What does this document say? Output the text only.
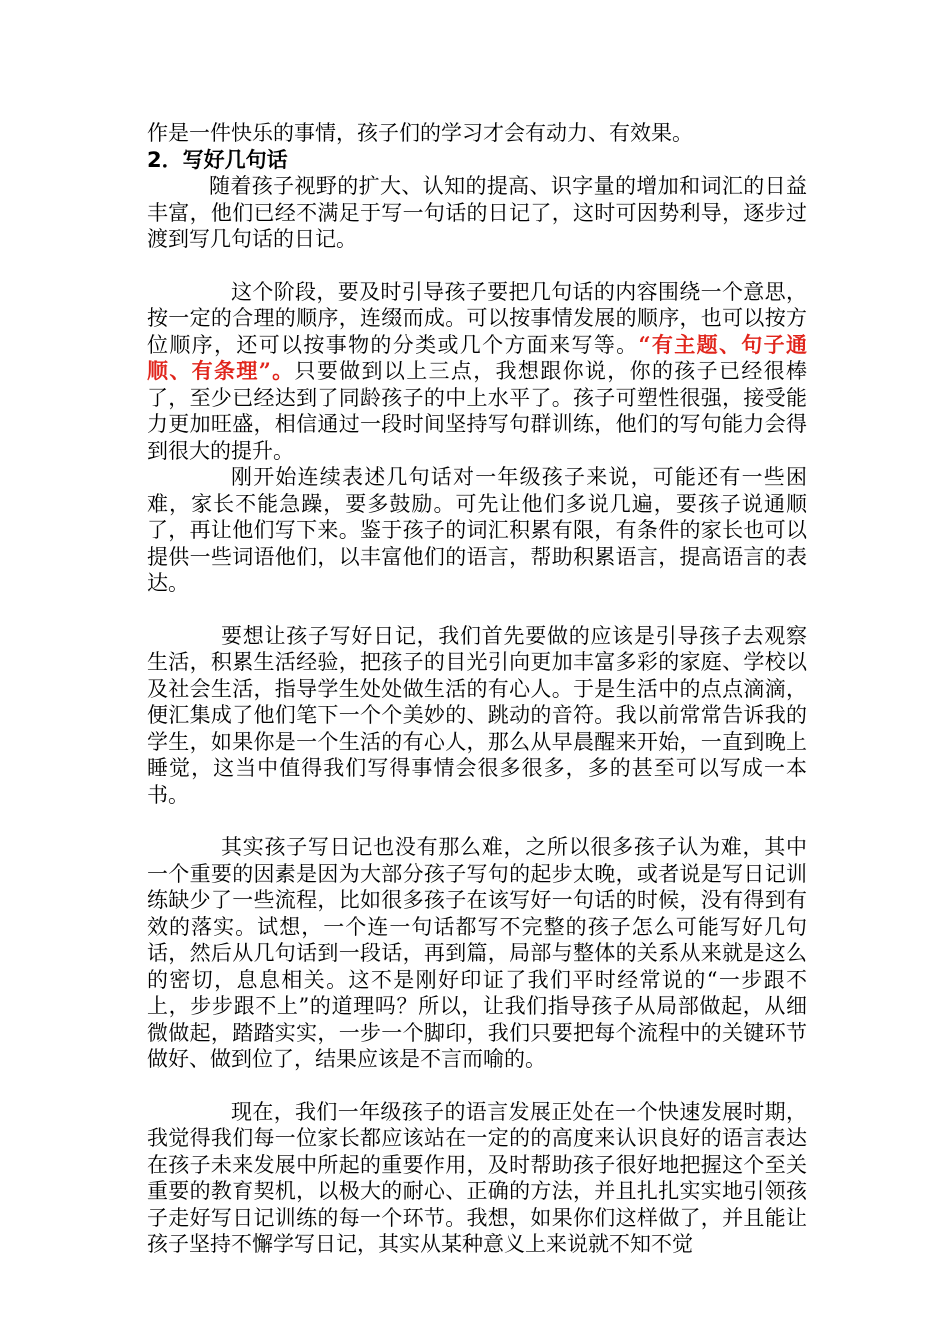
作是一件快乐的事情，孩子们的学习才会有动力、有效果。

2．写好几句话

随着孩子视野的扩大、认知的提高、识字量的增加和词汇的日益丰富，他们已经不满足于写一句话的日记了，这时可因势利导，逐步过渡到写几句话的日记。

这个阶段，要及时引导孩子要把几句话的内容围绕一个意思，按一定的合理的顺序，连缀而成。可以按事情发展的顺序，也可以按方位顺序，还可以按事物的分类或几个方面来写等。“有主题、句子通顺、有条理”。只要做到以上三点，我想跟你说，你的孩子已经很棒了，至少已经达到了同龄孩子的中上水平了。孩子可塑性很强，接受能力更加旺盛，相信通过一段时间坚持写句群训练，他们的写句能力会得到很大的提升。

刚开始连续表述几句话对一年级孩子来说，可能还有一些困难，家长不能急躁，要多鼓励。可先让他们多说几遍，要孩子说通顺了，再让他们写下来。鉴于孩子的词汇积累有限，有条件的家长也可以提供一些词语他们，以丰富他们的语言，帮助积累语言，提高语言的表达。

要想让孩子写好日记，我们首先要做的应该是引导孩子去观察生活，积累生活经验，把孩子的目光引向更加丰富多彩的家庭、学校以及社会生活，指导学生处处做生活的有心人。于是生活中的点点滴滴，便汇集成了他们笔下一个个美妙的、跳动的音符。我以前常常告诉我的学生，如果你是一个生活的有心人，那么从早晨醒来开始，一直到晚上睡觉，这当中值得我们写得事情会很多很多，多的甚至可以写成一本书。

其实孩子写日记也没有那么难，之所以很多孩子认为难，其中一个重要的因素是因为大部分孩子写句的起步太晚，或者说是写日记训练缺少了一些流程，比如很多孩子在该写好一句话的时候，没有得到有效的落实。试想，一个连一句话都写不完整的孩子怎么可能写好几句话，然后从几句话到一段话，再到篇，局部与整体的关系从来就是这么的密切，息息相关。这不是刚好印证了我们平时经常说的“一步跟不上，步步跟不上”的道理吗？所以，让我们指导孩子从局部做起，从细微做起，踏踏实实，一步一个脚印，我们只要把每个流程中的关键环节做好、做到位了，结果应该是不言而喻的。

现在，我们一年级孩子的语言发展正处在一个快速发展时期，我觉得我们每一位家长都应该站在一定的的高度来认识良好的语言表达在孩子未来发展中所起的重要作用，及时帮助孩子很好地把握这个至关重要的教育契机，以极大的耐心、正确的方法，并且扎扎实实地引领孩子走好写日记训练的每一个环节。我想，如果你们这样做了，并且能让孩子坚持不懈学写日记，其实从某种意义上来说就不知不觉
